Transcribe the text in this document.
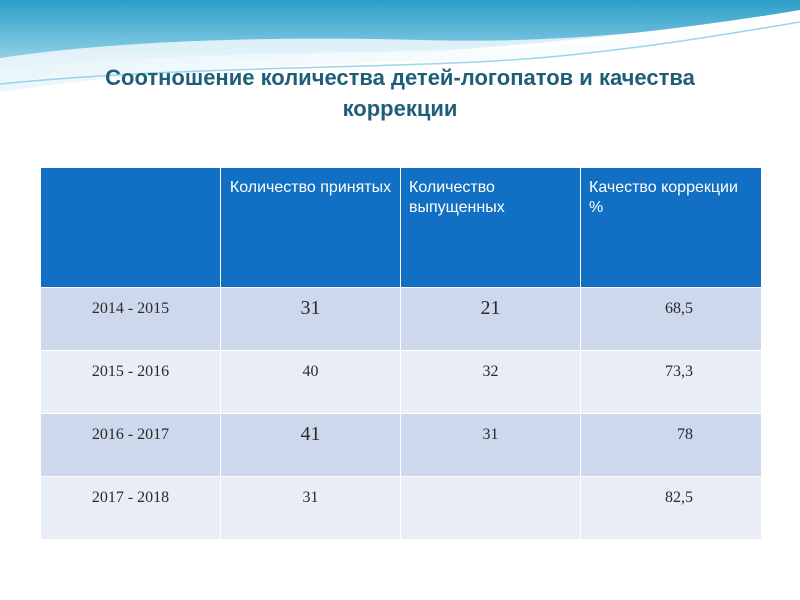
Соотношение количества детей-логопатов и качества коррекции
	Количество принятых	Количество выпущенных	Качество коррекции %
2014 - 2015	31	21	68,5
2015 - 2016	40	32	73,3
2016 - 2017	41	31	78
2017 - 2018	31		82,5
